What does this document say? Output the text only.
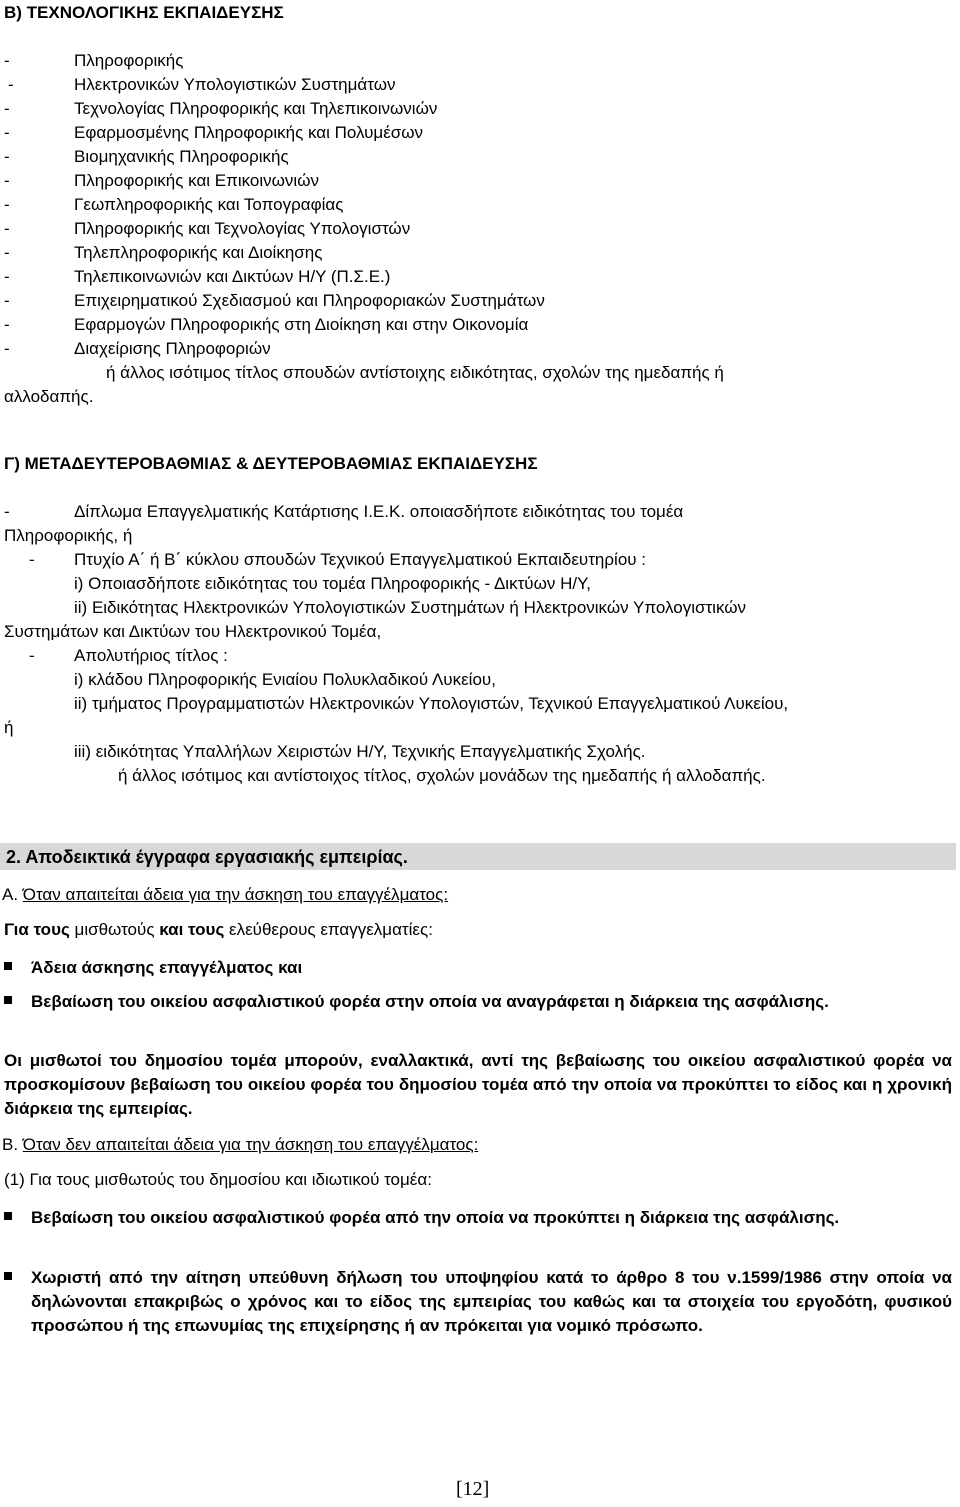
Β) ΤΕΧΝΟΛΟΓΙΚΗΣ ΕΚΠΑΙΔΕΥΣΗΣ
-	Πληροφορικής
-	Ηλεκτρονικών Υπολογιστικών Συστημάτων
-	Τεχνολογίας Πληροφορικής και Τηλεπικοινωνιών
-	Εφαρμοσμένης Πληροφορικής και Πολυμέσων
-	Βιομηχανικής Πληροφορικής
-	Πληροφορικής και Επικοινωνιών
-	Γεωπληροφορικής και Τοπογραφίας
-	Πληροφορικής και Τεχνολογίας Υπολογιστών
-	Τηλεπληροφορικής και Διοίκησης
-	Τηλεπικοινωνιών και Δικτύων Η/Υ (Π.Σ.Ε.)
-	Επιχειρηματικού Σχεδιασμού και Πληροφοριακών Συστημάτων
-	Εφαρμογών Πληροφορικής στη Διοίκηση και στην Οικονομία
-	Διαχείρισης Πληροφοριών
ή άλλος ισότιμος τίτλος σπουδών αντίστοιχης ειδικότητας, σχολών της ημεδαπής ή
αλλοδαπής.
Γ) ΜΕΤΑΔΕΥΤΕΡΟΒΑΘΜΙΑΣ & ΔΕΥΤΕΡΟΒΑΘΜΙΑΣ ΕΚΠΑΙΔΕΥΣΗΣ
-	Δίπλωμα Επαγγελματικής Κατάρτισης Ι.Ε.Κ. οποιασδήποτε ειδικότητας του τομέα
Πληροφορικής, ή
- Πτυχίο Α΄ ή Β΄ κύκλου σπουδών Τεχνικού Επαγγελματικού Εκπαιδευτηρίου :
i) Οποιασδήποτε ειδικότητας του τομέα Πληροφορικής - Δικτύων Η/Υ,
ii) Ειδικότητας Ηλεκτρονικών Υπολογιστικών Συστημάτων ή Ηλεκτρονικών Υπολογιστικών
Συστημάτων και Δικτύων του Ηλεκτρονικού Τομέα,
- Απολυτήριος τίτλος :
i) κλάδου Πληροφορικής Ενιαίου Πολυκλαδικού Λυκείου,
ii) τμήματος Προγραμματιστών Ηλεκτρονικών Υπολογιστών, Τεχνικού Επαγγελματικού Λυκείου,
ή
iii) ειδικότητας Υπαλλήλων Χειριστών Η/Υ, Τεχνικής Επαγγελματικής Σχολής.
ή άλλος ισότιμος και αντίστοιχος τίτλος, σχολών μονάδων της ημεδαπής ή αλλοδαπής.
2. Αποδεικτικά έγγραφα εργασιακής εμπειρίας.
Α. Όταν απαιτείται άδεια για την άσκηση του επαγγέλματος:
Για τους μισθωτούς και τους ελεύθερους επαγγελματίες:
Άδεια άσκησης επαγγέλματος και
Βεβαίωση του οικείου ασφαλιστικού φορέα στην οποία να αναγράφεται η διάρκεια της ασφάλισης.
Οι μισθωτοί του δημοσίου τομέα μπορούν, εναλλακτικά, αντί της βεβαίωσης του οικείου ασφαλιστικού φορέα να προσκομίσουν βεβαίωση του οικείου φορέα του δημοσίου τομέα από την οποία να προκύπτει το είδος και η χρονική διάρκεια της εμπειρίας.
Β. Όταν δεν απαιτείται άδεια για την άσκηση του επαγγέλματος:
(1) Για τους μισθωτούς του δημοσίου και ιδιωτικού τομέα:
Βεβαίωση του οικείου ασφαλιστικού φορέα από την οποία να προκύπτει η διάρκεια της ασφάλισης.
Χωριστή από την αίτηση υπεύθυνη δήλωση του υποψηφίου κατά το άρθρο 8 του ν.1599/1986 στην οποία να δηλώνονται επακριβώς ο χρόνος και το είδος της εμπειρίας του καθώς και τα στοιχεία του εργοδότη, φυσικού προσώπου ή της επωνυμίας της επιχείρησης ή αν πρόκειται για νομικό πρόσωπο.
[12]
